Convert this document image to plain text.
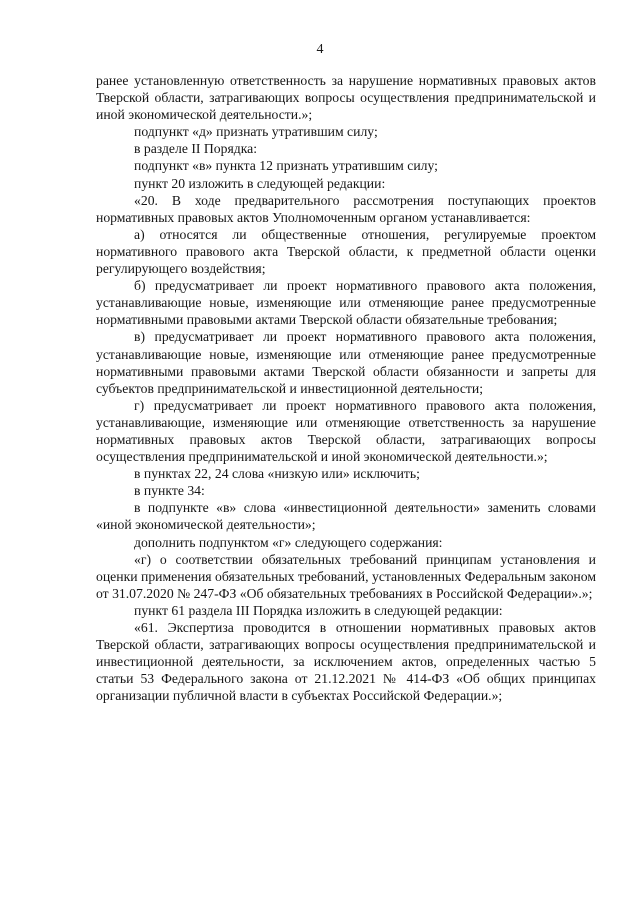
4

ранее установленную ответственность за нарушение нормативных правовых актов Тверской области, затрагивающих вопросы осуществления предпринимательской и иной экономической деятельности.»;

подпункт «д» признать утратившим силу;

в разделе II Порядка:

подпункт «в» пункта 12 признать утратившим силу;

пункт 20 изложить в следующей редакции:

«20. В ходе предварительного рассмотрения поступающих проектов нормативных правовых актов Уполномоченным органом устанавливается:

а) относятся ли общественные отношения, регулируемые проектом нормативного правового акта Тверской области, к предметной области оценки регулирующего воздействия;

б) предусматривает ли проект нормативного правового акта положения, устанавливающие новые, изменяющие или отменяющие ранее предусмотренные нормативными правовыми актами Тверской области обязательные требования;

в) предусматривает ли проект нормативного правового акта положения, устанавливающие новые, изменяющие или отменяющие ранее предусмотренные нормативными правовыми актами Тверской области обязанности и запреты для субъектов предпринимательской и инвестиционной деятельности;

г) предусматривает ли проект нормативного правового акта положения, устанавливающие, изменяющие или отменяющие ответственность за нарушение нормативных правовых актов Тверской области, затрагивающих вопросы осуществления предпринимательской и иной экономической деятельности.»;

в пунктах 22, 24 слова «низкую или» исключить;

в пункте 34:

в подпункте «в» слова «инвестиционной деятельности» заменить словами «иной экономической деятельности»;

дополнить подпунктом «г» следующего содержания:

«г) о соответствии обязательных требований принципам установления и оценки применения обязательных требований, установленных Федеральным законом от 31.07.2020 № 247-ФЗ «Об обязательных требованиях в Российской Федерации».»;

пункт 61 раздела III Порядка изложить в следующей редакции:

«61. Экспертиза проводится в отношении нормативных правовых актов Тверской области, затрагивающих вопросы осуществления предпринимательской и инвестиционной деятельности, за исключением актов, определенных частью 5 статьи 53 Федерального закона от 21.12.2021 № 414-ФЗ «Об общих принципах организации публичной власти в субъектах Российской Федерации.»;
